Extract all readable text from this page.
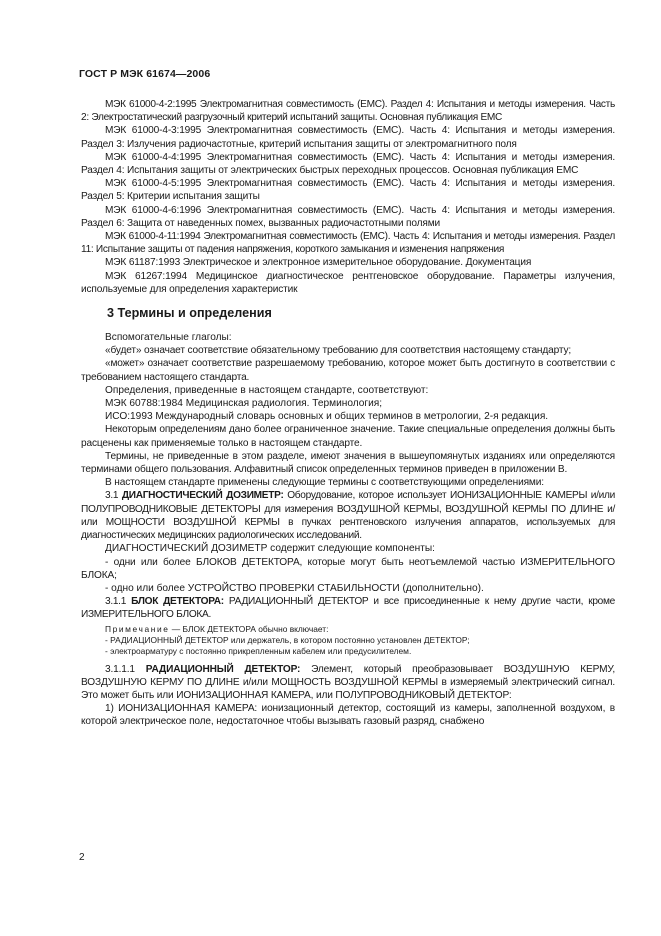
ГОСТ Р МЭК 61674—2006

МЭК 61000-4-2:1995 Электромагнитная совместимость (EMC). Раздел 4: Испытания и методы измерения. Часть 2: Электростатический разгрузочный критерий испытаний защиты. Основная публикация EMC

МЭК 61000-4-3:1995 Электромагнитная совместимость (EMC). Часть 4: Испытания и методы измерения. Раздел 3: Излучения радиочастотные, критерий испытания защиты от электромагнитного поля

МЭК 61000-4-4:1995 Электромагнитная совместимость (EMC). Часть 4: Испытания и методы измерения. Раздел 4: Испытания защиты от электрических быстрых переходных процессов. Основная публикация EMC

МЭК 61000-4-5:1995 Электромагнитная совместимость (EMC). Часть 4: Испытания и методы измерения. Раздел 5: Критерии испытания защиты

МЭК 61000-4-6:1996 Электромагнитная совместимость (EMC). Часть 4: Испытания и методы измерения. Раздел 6: Защита от наведенных помех, вызванных радиочастотными полями

МЭК 61000-4-11:1994 Электромагнитная совместимость (EMC). Часть 4: Испытания и методы измерения. Раздел 11: Испытание защиты от падения напряжения, короткого замыкания и изменения напряжения

МЭК 61187:1993 Электрическое и электронное измерительное оборудование. Документация

МЭК 61267:1994 Медицинское диагностическое рентгеновское оборудование. Параметры излучения, используемые для определения характеристик

3 Термины и определения

Вспомогательные глаголы:

«будет» означает соответствие обязательному требованию для соответствия настоящему стандарту;

«может» означает соответствие разрешаемому требованию, которое может быть достигнуто в соответствии с требованием настоящего стандарта.

Определения, приведенные в настоящем стандарте, соответствуют:

МЭК 60788:1984 Медицинская радиология. Терминология;

ИСО:1993 Международный словарь основных и общих терминов в метрологии, 2-я редакция.

Некоторым определениям дано более ограниченное значение. Такие специальные определения должны быть расценены как применяемые только в настоящем стандарте.

Термины, не приведенные в этом разделе, имеют значения в вышеупомянутых изданиях или определяются терминами общего пользования. Алфавитный список определенных терминов приведен в приложении В.

В настоящем стандарте применены следующие термины с соответствующими определениями:

3.1 ДИАГНОСТИЧЕСКИЙ ДОЗИМЕТР: Оборудование, которое использует ИОНИЗАЦИОННЫЕ КАМЕРЫ и/или ПОЛУПРОВОДНИКОВЫЕ ДЕТЕКТОРЫ для измерения ВОЗДУШНОЙ КЕРМЫ, ВОЗДУШНОЙ КЕРМЫ ПО ДЛИНЕ и/или МОЩНОСТИ ВОЗДУШНОЙ КЕРМЫ в пучках рентгеновского излучения аппаратов, используемых для диагностических медицинских радиологических исследований.

ДИАГНОСТИЧЕСКИЙ ДОЗИМЕТР содержит следующие компоненты:

- одни или более БЛОКОВ ДЕТЕКТОРА, которые могут быть неотъемлемой частью ИЗМЕРИТЕЛЬНОГО БЛОКА;

- одно или более УСТРОЙСТВО ПРОВЕРКИ СТАБИЛЬНОСТИ (дополнительно).

3.1.1 БЛОК ДЕТЕКТОРА: РАДИАЦИОННЫЙ ДЕТЕКТОР и все присоединенные к нему другие части, кроме ИЗМЕРИТЕЛЬНОГО БЛОКА.

Примечание — БЛОК ДЕТЕКТОРА обычно включает:

- РАДИАЦИОННЫЙ ДЕТЕКТОР или держатель, в котором постоянно установлен ДЕТЕКТОР;

- электроарматуру с постоянно прикрепленным кабелем или предусилителем.

3.1.1.1 РАДИАЦИОННЫЙ ДЕТЕКТОР: Элемент, который преобразовывает ВОЗДУШНУЮ КЕРМУ, ВОЗДУШНУЮ КЕРМУ ПО ДЛИНЕ и/или МОЩНОСТЬ ВОЗДУШНОЙ КЕРМЫ в измеряемый электрический сигнал. Это может быть или ИОНИЗАЦИОННАЯ КАМЕРА, или ПОЛУПРОВОДНИКОВЫЙ ДЕТЕКТОР:

1) ИОНИЗАЦИОННАЯ КАМЕРА: ионизационный детектор, состоящий из камеры, заполненной воздухом, в которой электрическое поле, недостаточное чтобы вызывать газовый разряд, снабжено

2
